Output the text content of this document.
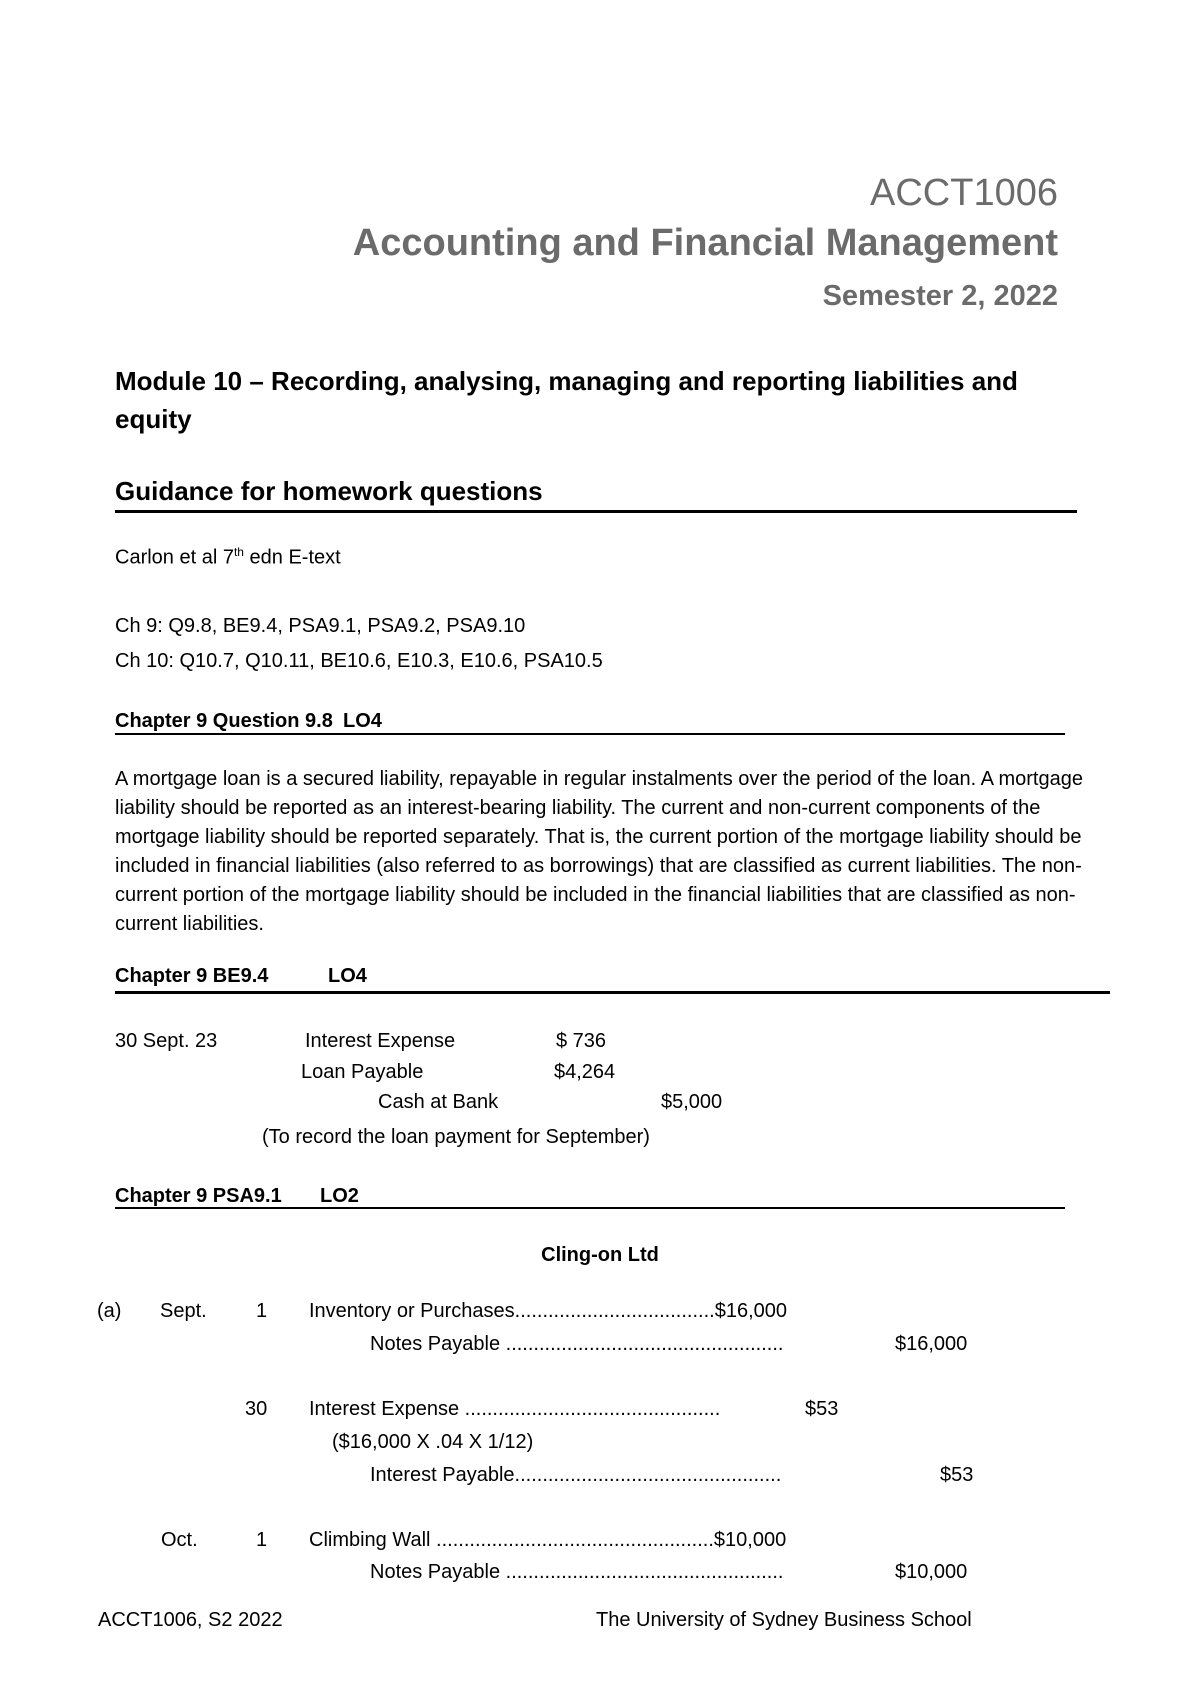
ACCT1006
Accounting and Financial Management
Semester 2, 2022
Module 10 – Recording, analysing, managing and reporting liabilities and equity
Guidance for homework questions
Carlon et al 7th edn E-text
Ch 9: Q9.8, BE9.4, PSA9.1, PSA9.2, PSA9.10
Ch 10: Q10.7, Q10.11, BE10.6, E10.3, E10.6, PSA10.5
Chapter 9 Question 9.8 LO4
A mortgage loan is a secured liability, repayable in regular instalments over the period of the loan. A mortgage liability should be reported as an interest-bearing liability. The current and non-current components of the mortgage liability should be reported separately. That is, the current portion of the mortgage liability should be included in financial liabilities (also referred to as borrowings) that are classified as current liabilities. The non-current portion of the mortgage liability should be included in the financial liabilities that are classified as non-current liabilities.
Chapter 9 BE9.4	LO4
30 Sept. 23	Interest Expense	$ 736
Loan Payable	$4,264
Cash at Bank	$5,000
(To record the loan payment for September)
Chapter 9 PSA9.1 LO2
Cling-on Ltd
(a) Sept. 1 Inventory or Purchases....................................$16,000
Notes Payable ..................................................	$16,000
30 Interest Expense ..............................................	$53
($16,000 X .04 X 1/12)
Interest Payable................................................	$53
Oct.	1 Climbing Wall ..................................................$10,000
Notes Payable ..................................................	$10,000
ACCT1006, S2 2022	The University of Sydney Business School
